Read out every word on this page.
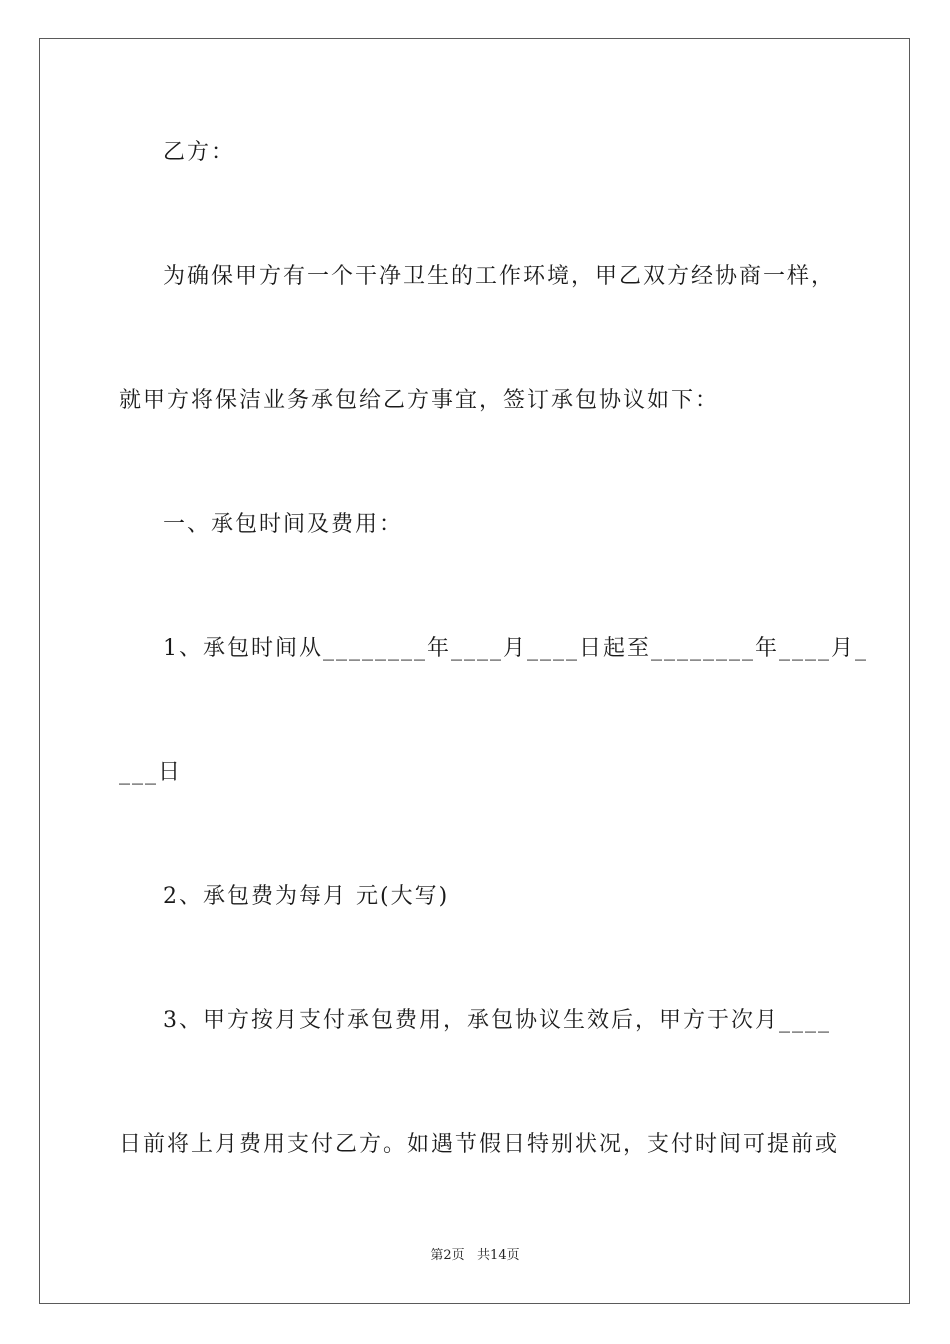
乙方：
为确保甲方有一个干净卫生的工作环境，甲乙双方经协商一样，
就甲方将保洁业务承包给乙方事宜，签订承包协议如下：
一、承包时间及费用：
1、承包时间从________年____月____日起至________年____月_
___日
2、承包费为每月 元(大写)
3、甲方按月支付承包费用，承包协议生效后，甲方于次月____
日前将上月费用支付乙方。如遇节假日特别状况，支付时间可提前或
第2页   共14页
